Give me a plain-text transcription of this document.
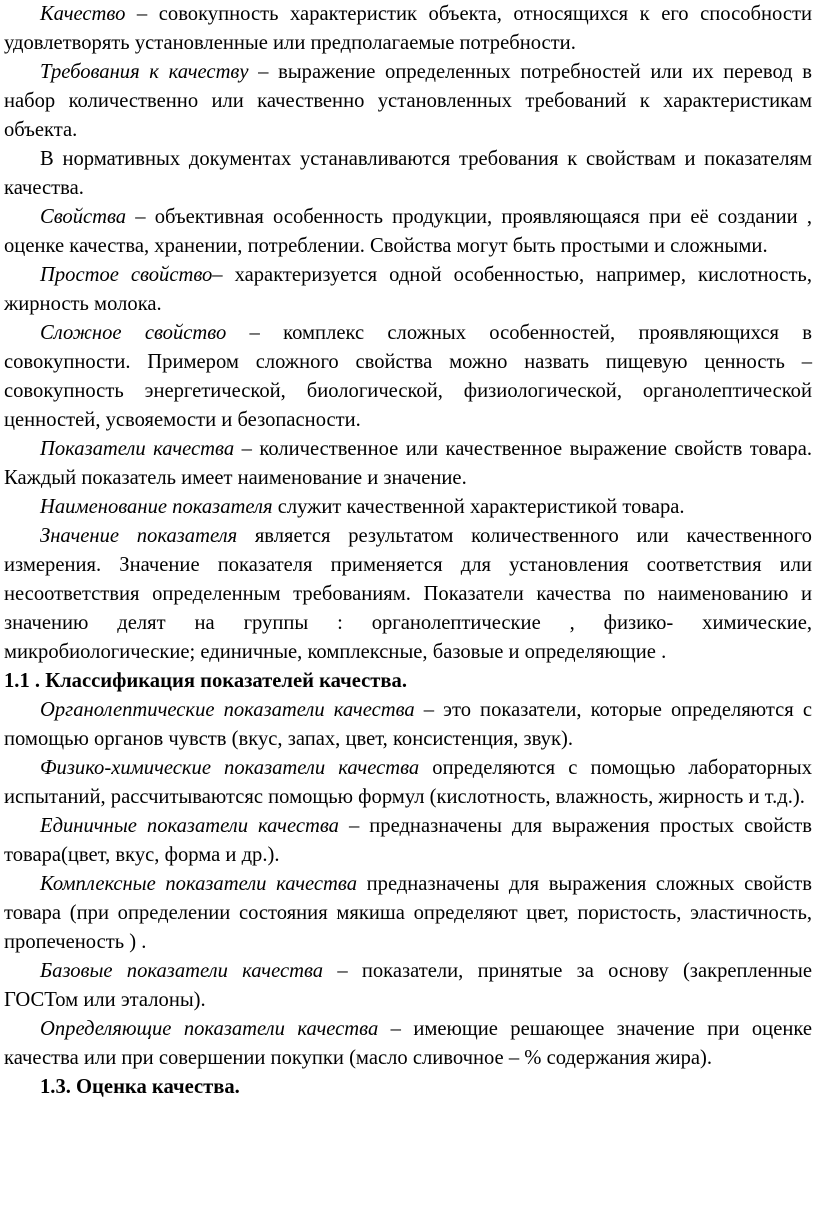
Качество – совокупность характеристик объекта, относящихся к его способности удовлетворять установленные или предполагаемые потребности.

Требования к качеству – выражение определенных потребностей или их перевод в набор количественно или качественно установленных требований к характеристикам объекта.

В нормативных документах устанавливаются требования к свойствам и показателям качества.

Свойства – объективная особенность продукции, проявляющаяся при её создании , оценке качества, хранении, потреблении. Свойства могут быть простыми и сложными.

Простое свойство– характеризуется одной особенностью, например, кислотность, жирность молока.

Сложное свойство – комплекс сложных особенностей, проявляющихся в совокупности. Примером сложного свойства можно назвать пищевую ценность – совокупность энергетической, биологической, физиологической, органолептической ценностей, усвояемости и безопасности.

Показатели качества – количественное или качественное выражение свойств товара. Каждый показатель имеет наименование и значение.

Наименование показателя служит качественной характеристикой товара.

Значение показателя является результатом количественного или качественного измерения. Значение показателя применяется для установления соответствия или несоответствия определенным требованиям. Показатели качества по наименованию и значению делят на группы : органолептические , физико- химические, микробиологические; единичные, комплексные, базовые и определяющие .

1.1 . Классификация показателей качества.

Органолептические показатели качества – это показатели, которые определяются с помощью органов чувств (вкус, запах, цвет, консистенция, звук).

Физико-химические показатели качества определяются с помощью лабораторных испытаний, рассчитываютсяс помощью формул (кислотность, влажность, жирность и т.д.).

Единичные показатели качества – предназначены для выражения простых свойств товара(цвет, вкус, форма и др.).

Комплексные показатели качества предназначены для выражения сложных свойств товара (при определении состояния мякиша определяют цвет, пористость, эластичность, пропеченость ) .

Базовые показатели качества – показатели, принятые за основу (закрепленные ГОСТом или эталоны).

Определяющие показатели качества – имеющие решающее значение при оценке качества или при совершении покупки (масло сливочное – % содержания жира).

1.3. Оценка качества.
